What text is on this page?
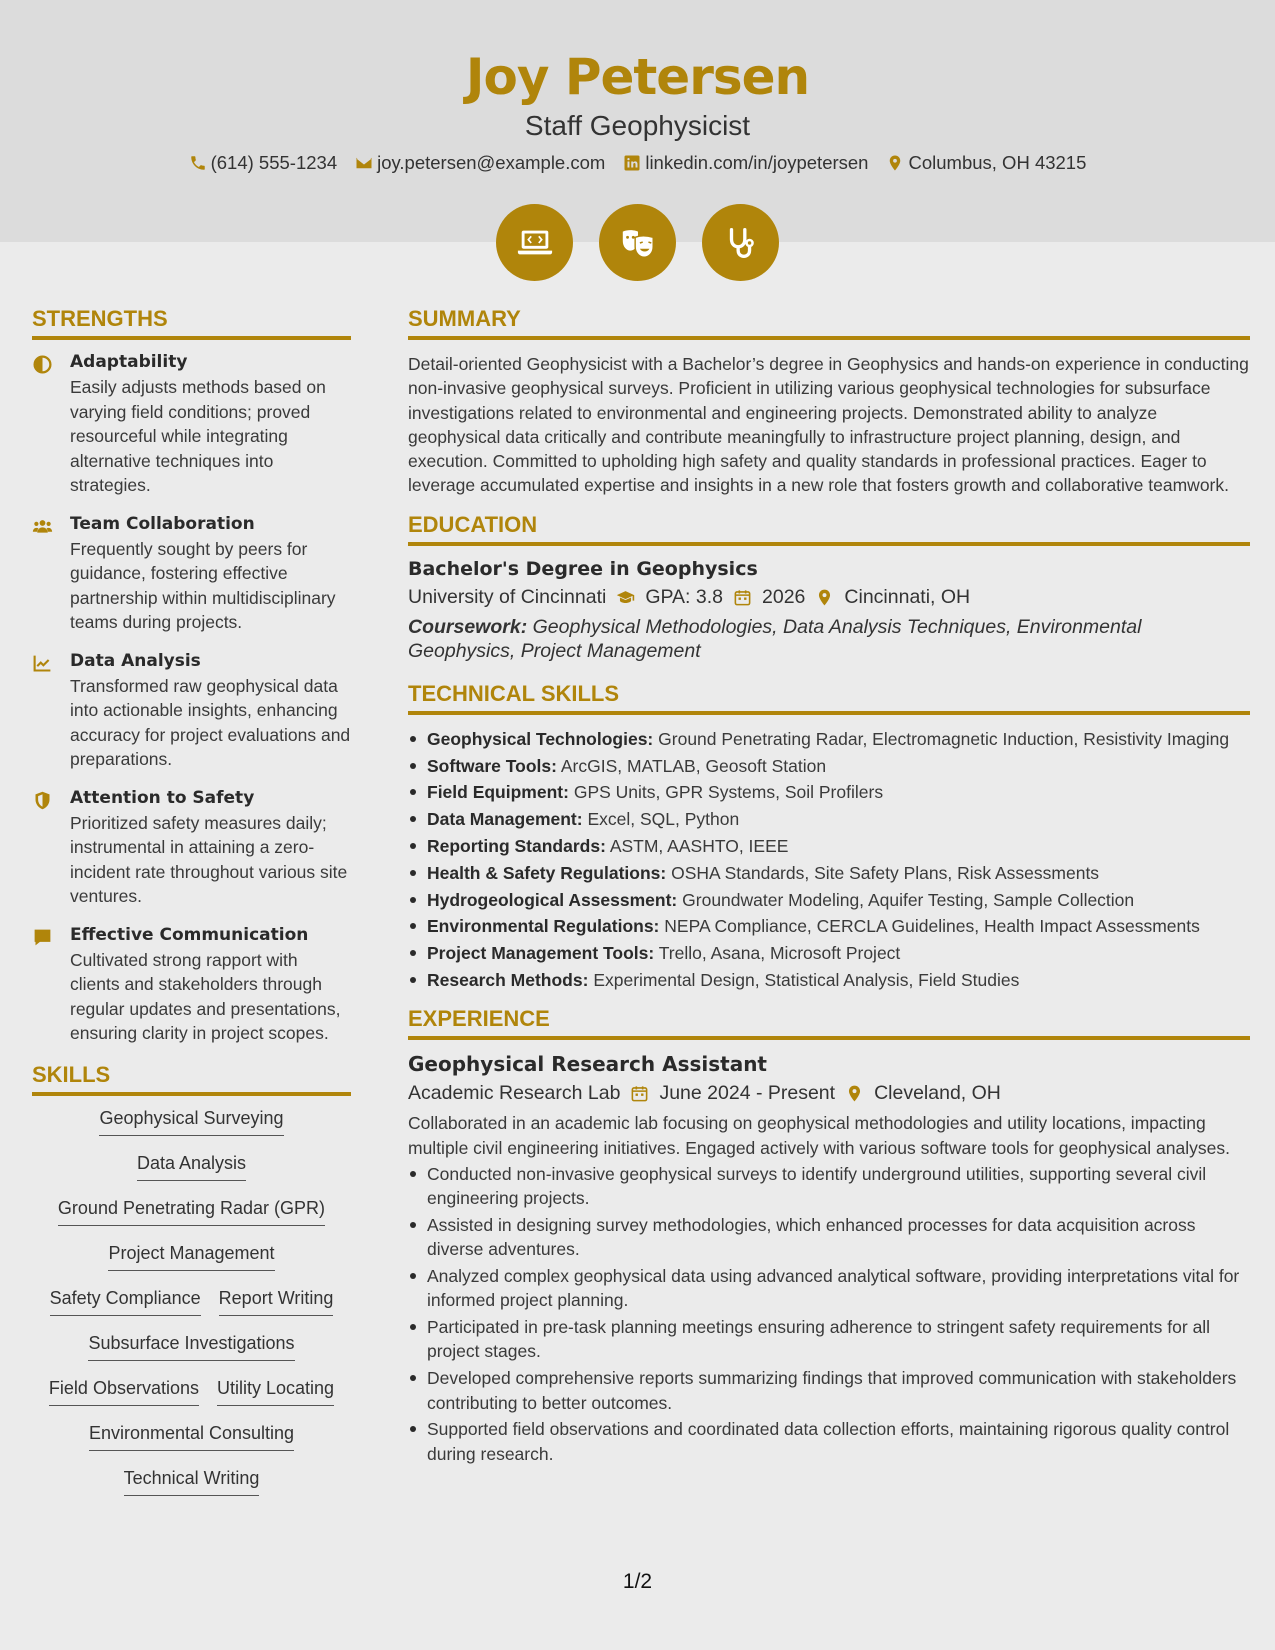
Joy Petersen
Staff Geophysicist
(614) 555-1234 joy.petersen@example.com linkedin.com/in/joypetersen Columbus, OH 43215
STRENGTHS
Adaptability
Easily adjusts methods based on varying field conditions; proved resourceful while integrating alternative techniques into strategies.
Team Collaboration
Frequently sought by peers for guidance, fostering effective partnership within multidisciplinary teams during projects.
Data Analysis
Transformed raw geophysical data into actionable insights, enhancing accuracy for project evaluations and preparations.
Attention to Safety
Prioritized safety measures daily; instrumental in attaining a zero-incident rate throughout various site ventures.
Effective Communication
Cultivated strong rapport with clients and stakeholders through regular updates and presentations, ensuring clarity in project scopes.
SKILLS
Geophysical Surveying
Data Analysis
Ground Penetrating Radar (GPR)
Project Management
Safety Compliance Report Writing
Subsurface Investigations
Field Observations Utility Locating
Environmental Consulting
Technical Writing
SUMMARY
Detail-oriented Geophysicist with a Bachelor’s degree in Geophysics and hands-on experience in conducting non-invasive geophysical surveys. Proficient in utilizing various geophysical technologies for subsurface investigations related to environmental and engineering projects. Demonstrated ability to analyze geophysical data critically and contribute meaningfully to infrastructure project planning, design, and execution. Committed to upholding high safety and quality standards in professional practices. Eager to leverage accumulated expertise and insights in a new role that fosters growth and collaborative teamwork.
EDUCATION
Bachelor's Degree in Geophysics
University of Cincinnati GPA: 3.8 2026 Cincinnati, OH
Coursework: Geophysical Methodologies, Data Analysis Techniques, Environmental Geophysics, Project Management
TECHNICAL SKILLS
Geophysical Technologies: Ground Penetrating Radar, Electromagnetic Induction, Resistivity Imaging
Software Tools: ArcGIS, MATLAB, Geosoft Station
Field Equipment: GPS Units, GPR Systems, Soil Profilers
Data Management: Excel, SQL, Python
Reporting Standards: ASTM, AASHTO, IEEE
Health & Safety Regulations: OSHA Standards, Site Safety Plans, Risk Assessments
Hydrogeological Assessment: Groundwater Modeling, Aquifer Testing, Sample Collection
Environmental Regulations: NEPA Compliance, CERCLA Guidelines, Health Impact Assessments
Project Management Tools: Trello, Asana, Microsoft Project
Research Methods: Experimental Design, Statistical Analysis, Field Studies
EXPERIENCE
Geophysical Research Assistant
Academic Research Lab June 2024 - Present Cleveland, OH
Collaborated in an academic lab focusing on geophysical methodologies and utility locations, impacting multiple civil engineering initiatives. Engaged actively with various software tools for geophysical analyses.
Conducted non-invasive geophysical surveys to identify underground utilities, supporting several civil engineering projects.
Assisted in designing survey methodologies, which enhanced processes for data acquisition across diverse adventures.
Analyzed complex geophysical data using advanced analytical software, providing interpretations vital for informed project planning.
Participated in pre-task planning meetings ensuring adherence to stringent safety requirements for all project stages.
Developed comprehensive reports summarizing findings that improved communication with stakeholders contributing to better outcomes.
Supported field observations and coordinated data collection efforts, maintaining rigorous quality control during research.
1/2
